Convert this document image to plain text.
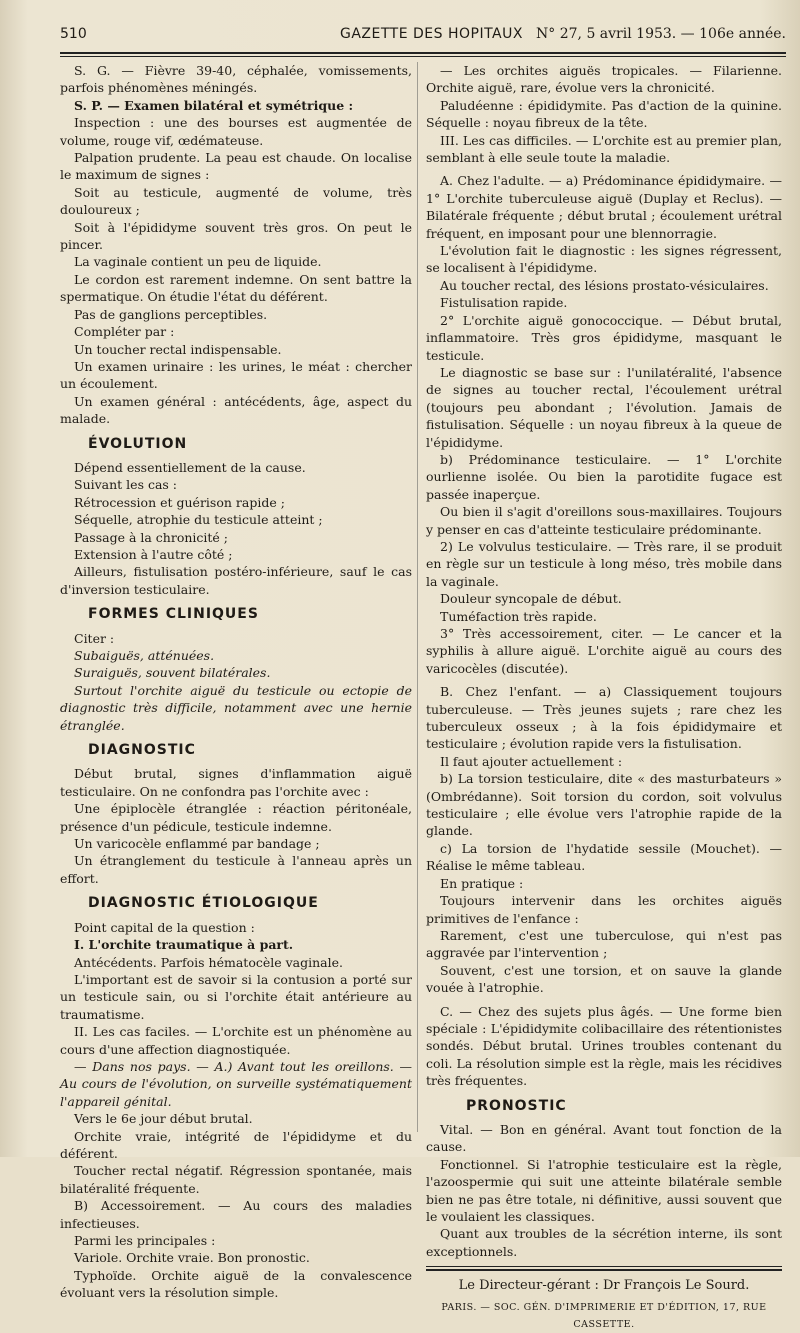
510	GAZETTE DES HOPITAUX N° 27, 5 avril 1953. — 106e année.

S. G. — Fièvre 39-40, céphalée, vomissements, parfois phénomènes méningés.

S. P. — Examen bilatéral et symétrique :

Inspection : une des bourses est augmentée de volume, rouge vif, œdémateuse.

Palpation prudente. La peau est chaude. On localise le maximum de signes :

Soit au testicule, augmenté de volume, très douloureux ;

Soit à l'épididyme souvent très gros. On peut le pincer.

La vaginale contient un peu de liquide.

Le cordon est rarement indemne. On sent battre la spermatique. On étudie l'état du déférent.

Pas de ganglions perceptibles.

Compléter par :

Un toucher rectal indispensable.

Un examen urinaire : les urines, le méat : chercher un écoulement.

Un examen général : antécédents, âge, aspect du malade.

ÉVOLUTION

Dépend essentiellement de la cause.

Suivant les cas :

Rétrocession et guérison rapide ;

Séquelle, atrophie du testicule atteint ;

Passage à la chronicité ;

Extension à l'autre côté ;

Ailleurs, fistulisation postéro-inférieure, sauf le cas d'inversion testiculaire.

FORMES CLINIQUES

Citer :

Subaiguës, atténuées.

Suraiguës, souvent bilatérales.

Surtout l'orchite aiguë du testicule ou ectopie de diagnostic très difficile, notamment avec une hernie étranglée.

DIAGNOSTIC

Début brutal, signes d'inflammation aiguë testiculaire. On ne confondra pas l'orchite avec :

Une épiplocèle étranglée : réaction péritonéale, présence d'un pédicule, testicule indemne.

Un varicocèle enflammé par bandage ;

Un étranglement du testicule à l'anneau après un effort.

DIAGNOSTIC ÉTIOLOGIQUE

Point capital de la question :

I. L'orchite traumatique à part.

Antécédents. Parfois hématocèle vaginale.

L'important est de savoir si la contusion a porté sur un testicule sain, ou si l'orchite était antérieure au traumatisme.

II. Les cas faciles. — L'orchite est un phénomène au cours d'une affection diagnostiquée.

— Dans nos pays. — A.) Avant tout les oreillons. — Au cours de l'évolution, on surveille systématiquement l'appareil génital.

Vers le 6e jour début brutal.

Orchite vraie, intégrité de l'épididyme et du déférent.

Toucher rectal négatif. Régression spontanée, mais bilatéralité fréquente.

B) Accessoirement. — Au cours des maladies infectieuses.

Parmi les principales :

Variole. Orchite vraie. Bon pronostic.

Typhoïde. Orchite aiguë de la convalescence évoluant vers la résolution simple.

— Les orchites aiguës tropicales. — Filarienne. Orchite aiguë, rare, évolue vers la chronicité.

Paludéenne : épididymite. Pas d'action de la quinine. Séquelle : noyau fibreux de la tête.

III. Les cas difficiles. — L'orchite est au premier plan, semblant à elle seule toute la maladie.

A. Chez l'adulte. — a) Prédominance épididymaire. — 1° L'orchite tuberculeuse aiguë (Duplay et Reclus). — Bilatérale fréquente ; début brutal ; écoulement urétral fréquent, en imposant pour une blennorragie.

L'évolution fait le diagnostic : les signes régressent, se localisent à l'épididyme.

Au toucher rectal, des lésions prostato-vésiculaires.

Fistulisation rapide.

2° L'orchite aiguë gonococcique. — Début brutal, inflammatoire. Très gros épididyme, masquant le testicule.

Le diagnostic se base sur : l'unilatéralité, l'absence de signes au toucher rectal, l'écoulement urétral (toujours peu abondant ; l'évolution. Jamais de fistulisation. Séquelle : un noyau fibreux à la queue de l'épididyme.

b) Prédominance testiculaire. — 1° L'orchite ourlienne isolée. Ou bien la parotidite fugace est passée inaperçue.

Ou bien il s'agit d'oreillons sous-maxillaires. Toujours y penser en cas d'atteinte testiculaire prédominante.

2) Le volvulus testiculaire. — Très rare, il se produit en règle sur un testicule à long méso, très mobile dans la vaginale.

Douleur syncopale de début.

Tuméfaction très rapide.

3° Très accessoirement, citer. — Le cancer et la syphilis à allure aiguë. L'orchite aiguë au cours des varicocèles (discutée).

B. Chez l'enfant. — a) Classiquement toujours tuberculeuse. — Très jeunes sujets ; rare chez les tuberculeux osseux ; à la fois épididymaire et testiculaire ; évolution rapide vers la fistulisation.

Il faut ajouter actuellement :

b) La torsion testiculaire, dite « des masturbateurs » (Ombrédanne). Soit torsion du cordon, soit volvulus testiculaire ; elle évolue vers l'atrophie rapide de la glande.

c) La torsion de l'hydatide sessile (Mouchet). — Réalise le même tableau.

En pratique :

Toujours intervenir dans les orchites aiguës primitives de l'enfance :

Rarement, c'est une tuberculose, qui n'est pas aggravée par l'intervention ;

Souvent, c'est une torsion, et on sauve la glande vouée à l'atrophie.

C. — Chez des sujets plus âgés. — Une forme bien spéciale : L'épididymite colibacillaire des rétentionistes sondés. Début brutal. Urines troubles contenant du coli. La résolution simple est la règle, mais les récidives très fréquentes.

PRONOSTIC

Vital. — Bon en général. Avant tout fonction de la cause.

Fonctionnel. Si l'atrophie testiculaire est la règle, l'azoospermie qui suit une atteinte bilatérale semble bien ne pas être totale, ni définitive, aussi souvent que le voulaient les classiques.

Quant aux troubles de la sécrétion interne, ils sont exceptionnels.

Le Directeur-gérant : Dr François Le Sourd.
PARIS. — SOC. GÉN. D'IMPRIMERIE ET D'ÉDITION, 17, RUE CASSETTE.
